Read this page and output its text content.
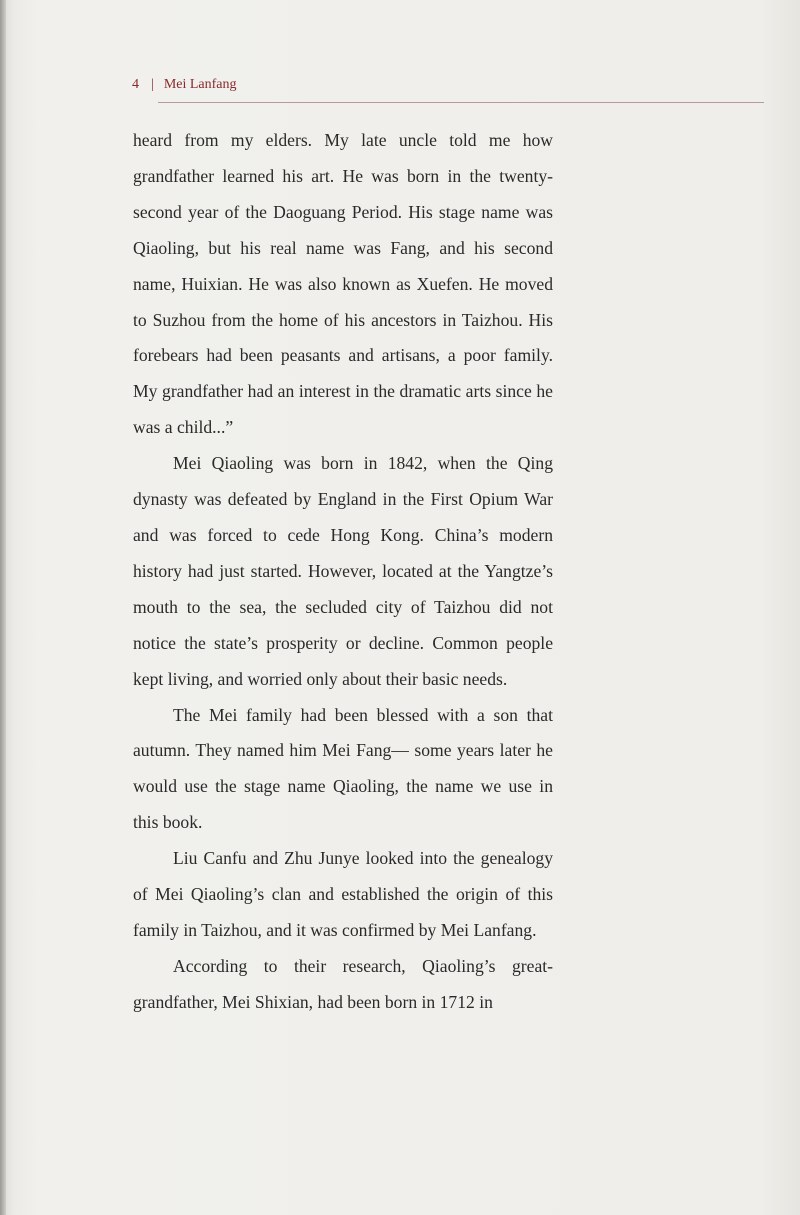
4 | Mei Lanfang

heard from my elders. My late uncle told me how grandfather learned his art. He was born in the twenty-second year of the Daoguang Period. His stage name was Qiaoling, but his real name was Fang, and his second name, Huixian. He was also known as Xuefen. He moved to Suzhou from the home of his ancestors in Taizhou. His forebears had been peasants and artisans, a poor family. My grandfather had an interest in the dramatic arts since he was a child...”

Mei Qiaoling was born in 1842, when the Qing dynasty was defeated by England in the First Opium War and was forced to cede Hong Kong. China’s modern history had just started. However, located at the Yangtze’s mouth to the sea, the secluded city of Taizhou did not notice the state’s prosperity or decline. Common people kept living, and worried only about their basic needs.

The Mei family had been blessed with a son that autumn. They named him Mei Fang— some years later he would use the stage name Qiaoling, the name we use in this book.

Liu Canfu and Zhu Junye looked into the genealogy of Mei Qiaoling’s clan and established the origin of this family in Taizhou, and it was confirmed by Mei Lanfang.

According to their research, Qiaoling’s great-grandfather, Mei Shixian, had been born in 1712 in
